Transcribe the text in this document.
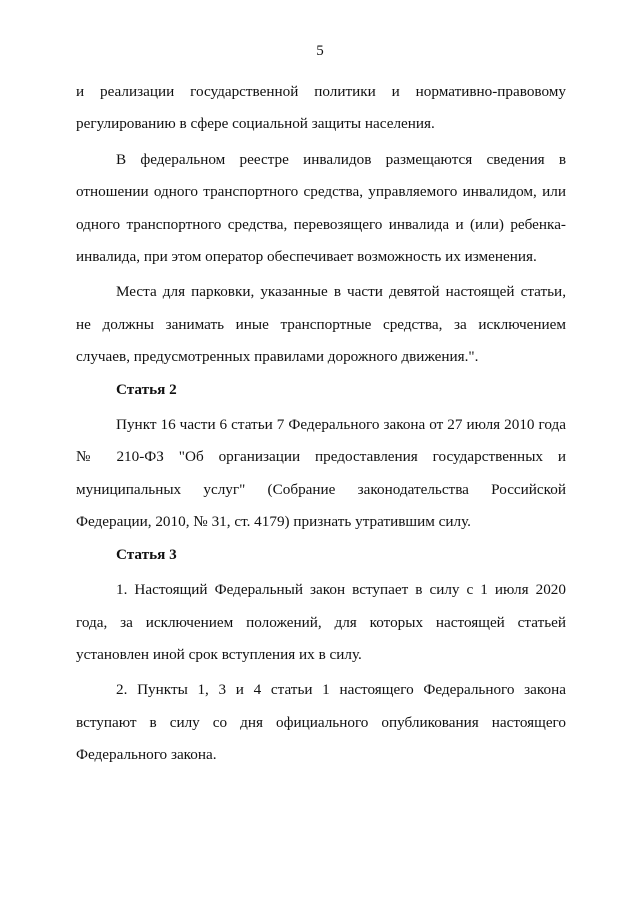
5

и реализации государственной политики и нормативно-правовому регулированию в сфере социальной защиты населения.

В федеральном реестре инвалидов размещаются сведения в отношении одного транспортного средства, управляемого инвалидом, или одного транспортного средства, перевозящего инвалида и (или) ребенка-инвалида, при этом оператор обеспечивает возможность их изменения.

Места для парковки, указанные в части девятой настоящей статьи, не должны занимать иные транспортные средства, за исключением случаев, предусмотренных правилами дорожного движения.".

Статья 2

Пункт 16 части 6 статьи 7 Федерального закона от 27 июля 2010 года № 210-ФЗ "Об организации предоставления государственных и муниципальных услуг" (Собрание законодательства Российской Федерации, 2010, № 31, ст. 4179) признать утратившим силу.

Статья 3

1. Настоящий Федеральный закон вступает в силу с 1 июля 2020 года, за исключением положений, для которых настоящей статьей установлен иной срок вступления их в силу.

2. Пункты 1, 3 и 4 статьи 1 настоящего Федерального закона вступают в силу со дня официального опубликования настоящего Федерального закона.
